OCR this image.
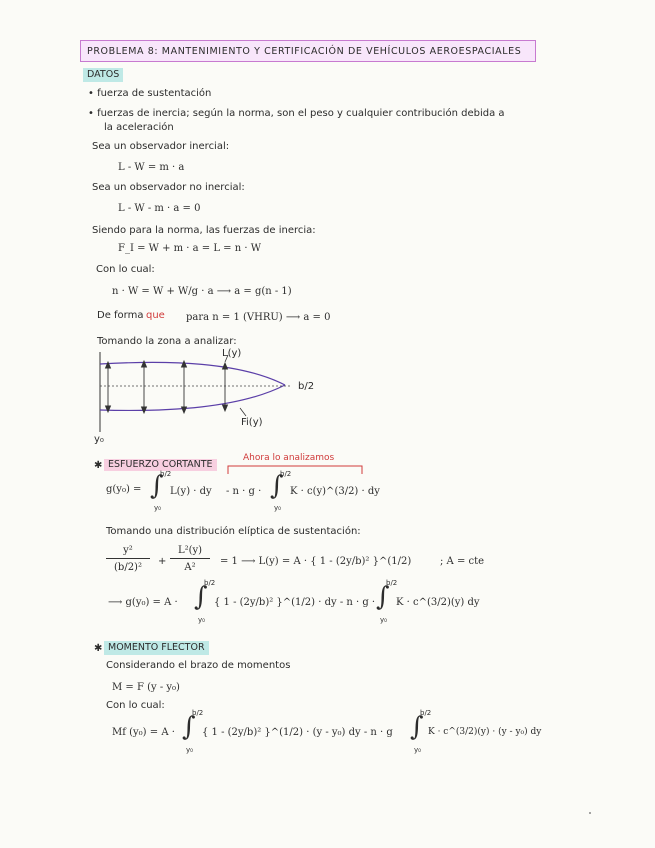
PROBLEMA 8: MANTENIMIENTO Y CERTIFICACIÓN DE VEHÍCULOS AEROESPACIALES
DATOS
• fuerza de sustentación
• fuerzas de inercia; según la norma, son el peso y cualquier contribución debida a
la aceleración
Sea un observador inercial:
L - W = m · a
Sea un observador no inercial:
L - W - m · a = 0
Siendo para la norma, las fuerzas de inercia:
F_I = W + m · a = L = n · W
Con lo cual:
n · W = W + W/g · a ⟶ a = g(n - 1)
De forma que para n = 1 (VHRU) ⟶ a = 0
Tomando la zona a analizar:
L(y)
b/2
Fi(y)
y₀
✱ ESFUERZO CORTANTE
Ahora lo analizamos
g(y₀) = ∫
b/2
y₀
L(y) · dy - n · g · ∫
b/2
y₀
K · c(y)^(3/2) · dy
Tomando una distribución elíptica de sustentación:
y²
(b/2)²
+
L²(y)
A²
= 1 ⟶ L(y) = A · { 1 - (2y/b)² }^(1/2)	; A = cte
⟶ g(y₀) = A · ∫
b/2
y₀
{ 1 - (2y/b)² }^(1/2) · dy - n · g · ∫
b/2
y₀
K · c^(3/2)(y) dy
✱ MOMENTO FLECTOR
Considerando el brazo de momentos
M = F (y - y₀)
Con lo cual:
Mf (y₀) = A · ∫
b/2
y₀
{ 1 - (2y/b)² }^(1/2) · (y - y₀) dy - n · g ∫
b/2
y₀
K · c^(3/2)(y) · (y - y₀) dy
